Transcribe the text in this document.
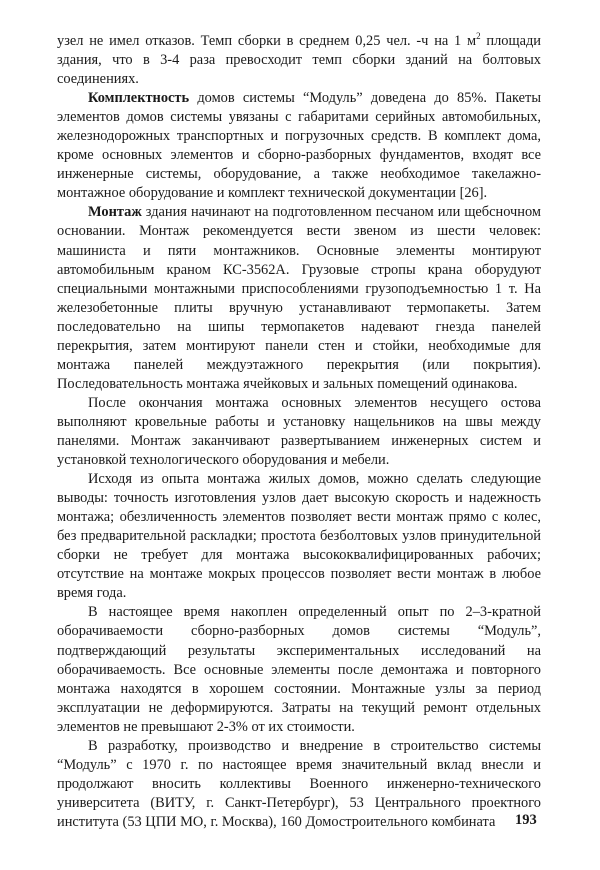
узел не имел отказов. Темп сборки в среднем 0,25 чел. -ч на 1 $м^2$ площади здания, что в 3-4 раза превосходит темп сборки зданий на болтовых соединениях.

Комплектность домов системы “Модуль” доведена до 85%. Пакеты элементов домов системы увязаны с габаритами серийных автомобильных, железнодорожных транспортных и погрузочных средств. В комплект дома, кроме основных элементов и сборно-разборных фундаментов, входят все инженерные системы, оборудование, а также необходимое такелажно-монтажное оборудование и комплект технической документации [26].

Монтаж здания начинают на подготовленном песчаном или щебсночном основании. Монтаж рекомендуется вести звеном из шести человек: машиниста и пяти монтажников. Основные элементы монтируют автомобильным краном КС-3562А. Грузовые стропы крана оборудуют специальными монтажными приспособлениями грузоподъемностью 1 т. На железобетонные плиты вручную устанавливают термопакеты. Затем последовательно на шипы термопакетов надевают гнезда панелей перекрытия, затем монтируют панели стен и стойки, необходимые для монтажа панелей междуэтажного перекрытия (или покрытия). Последовательность монтажа ячейковых и зальных помещений одинакова.

После окончания монтажа основных элементов несущего остова выполняют кровельные работы и установку нащельников на швы между панелями. Монтаж заканчивают развертыванием инженерных систем и установкой технологического оборудования и мебели.

Исходя из опыта монтажа жилых домов, можно сделать следующие выводы: точность изготовления узлов дает высокую скорость и надежность монтажа; обезличенность элементов позволяет вести монтаж прямо с колес, без предварительной раскладки; простота безболтовых узлов принудительной сборки не требует для монтажа высококвалифицированных рабочих; отсутствие на монтаже мокрых процессов позволяет вести монтаж в любое время года.

В настоящее время накоплен определенный опыт по 2–3-кратной оборачиваемости сборно-разборных домов системы “Модуль”, подтверждающий результаты экспериментальных исследований на оборачиваемость. Все основные элементы после демонтажа и повторного монтажа находятся в хорошем состоянии. Монтажные узлы за период эксплуатации не деформируются. Затраты на текущий ремонт отдельных элементов не превышают 2-3% от их стоимости.

В разработку, производство и внедрение в строительство системы “Модуль” с 1970 г. по настоящее время значительный вклад внесли и продолжают вносить коллективы Военного инженерно-технического университета (ВИТУ, г. Санкт-Петербург), 53 Центрального проектного института (53 ЦПИ МО, г. Москва), 160 Домостроительного комбината	193
